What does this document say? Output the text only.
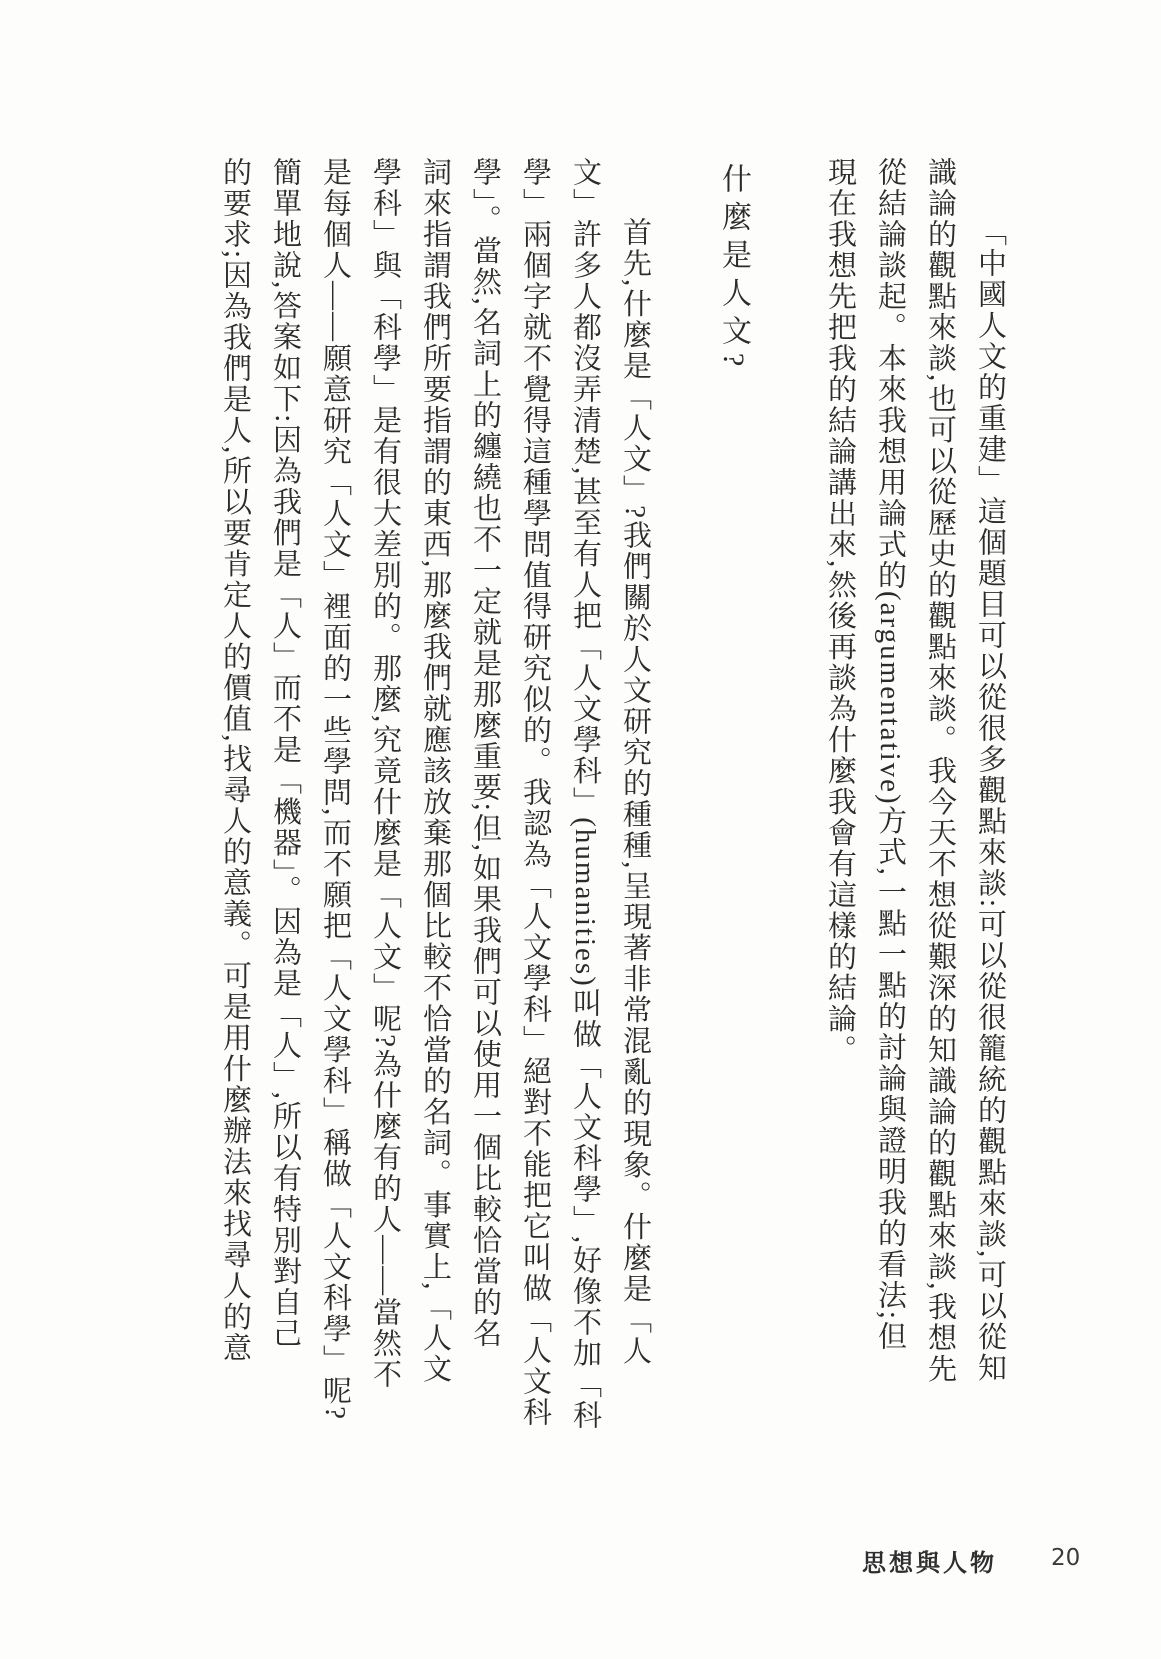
「中國人文的重建」這個題目可以從很多觀點來談:可以從很籠統的觀點來談,可以從知
識論的觀點來談,也可以從歷史的觀點來談。我今天不想從艱深的知識論的觀點來談,我想先
從結論談起。本來我想用論式的(argumentative)方式,一點一點的討論與證明我的看法;但
現在我想先把我的結論講出來,然後再談為什麼我會有這樣的結論。
什麼是人文?
首先,什麼是「人文」?我們關於人文研究的種種,呈現著非常混亂的現象。什麼是「人
文」許多人都沒弄清楚,甚至有人把「人文學科」(humanities)叫做「人文科學」,好像不加「科
學」兩個字就不覺得這種學問值得研究似的。我認為「人文學科」絕對不能把它叫做「人文科
學」。當然,名詞上的纏繞也不一定就是那麼重要;但,如果我們可以使用一個比較恰當的名
詞來指謂我們所要指謂的東西,那麼我們就應該放棄那個比較不恰當的名詞。事實上,「人文
學科」與「科學」是有很大差別的。那麼,究竟什麼是「人文」呢?為什麼有的人——當然不
是每個人——願意研究「人文」裡面的一些學問,而不願把「人文學科」稱做「人文科學」呢?
簡單地說,答案如下:因為我們是「人」而不是「機器」。因為是「人」,所以有特別對自己
的要求;因為我們是人,所以要肯定人的價值,找尋人的意義。可是用什麼辦法來找尋人的意
思想與人物 20
